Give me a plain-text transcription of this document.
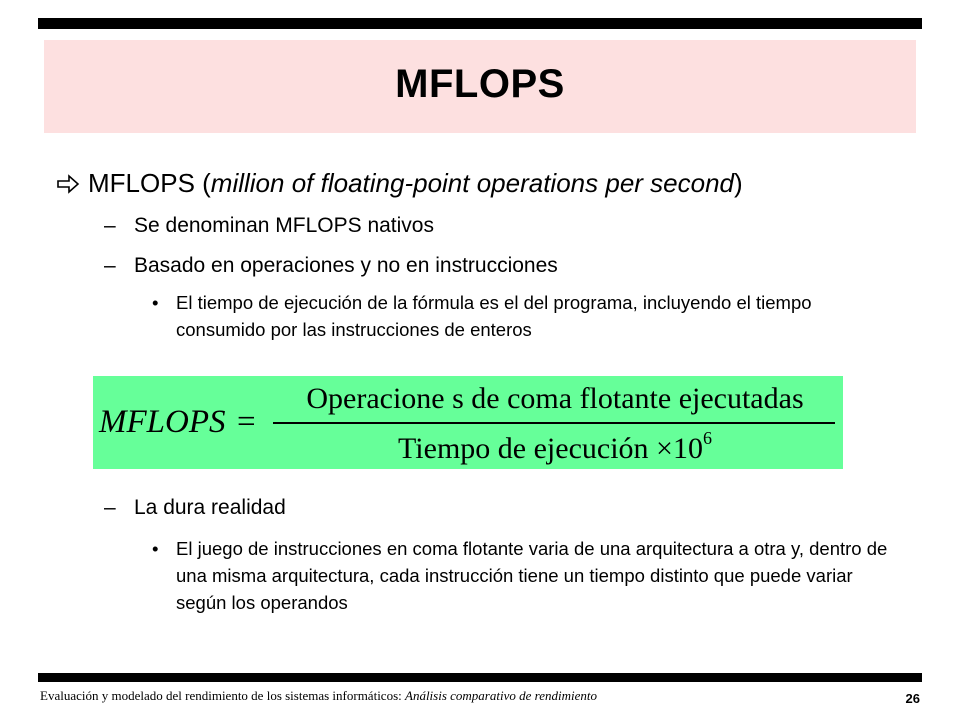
MFLOPS
MFLOPS (million of floating-point operations per second)
– Se denominan MFLOPS nativos
– Basado en operaciones y no en instrucciones
• El tiempo de ejecución de la fórmula es el del programa, incluyendo el tiempo consumido por las instrucciones de enteros
MFLOPS =
Operacione s de coma flotante ejecutadas
Tiempo de ejecución $\times 10^6$
– La dura realidad
• El juego de instrucciones en coma flotante varia de una arquitectura a otra y, dentro de una misma arquitectura, cada instrucción tiene un tiempo distinto que puede variar según los operandos
Evaluación y modelado del rendimiento de los sistemas informáticos: Análisis comparativo de rendimiento	26
